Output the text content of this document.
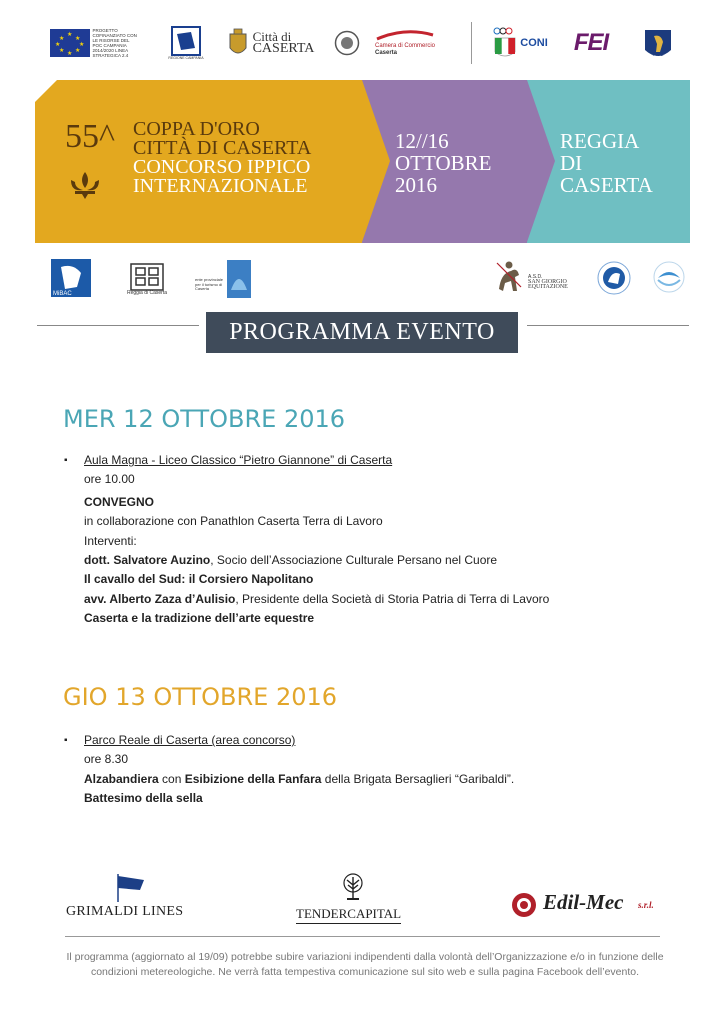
★
★ ★
★	★
★ ★
★
PROGETTO COFINANZIATO CON LE RISORSE DEL POC CAMPANIA 2014/2020 LINEA STRATEGICA 2.4	REGIONE CAMPANIA
Città di
CASERTA	Camera di Commercio
Caserta
CONI FEI	FISE
55^ COPPA D'ORO
CITTÀ DI CASERTA
CONCORSO IPPICO
INTERNAZIONALE
12//16
OTTOBRE
2016
REGGIA
DI
CASERTA
MiBAC	Reggia di Caserta
ente provinciale per il turismo di Caserta
A.S.D.
SAN GIORGIO
EQUITAZIONE
PROGRAMMA EVENTO
MER 12 OTTOBRE 2016
▪ Aula Magna - Liceo Classico “Pietro Giannone” di Caserta
ore 10.00
CONVEGNO
in collaborazione con Panathlon Caserta Terra di Lavoro
Interventi:
dott. Salvatore Auzino, Socio dell’Associazione Culturale Persano nel Cuore
Il cavallo del Sud: il Corsiero Napolitano
avv. Alberto Zaza d’Aulisio, Presidente della Società di Storia Patria di Terra di Lavoro
Caserta e la tradizione dell’arte equestre
GIO 13 OTTOBRE 2016
▪ Parco Reale di Caserta (area concorso)
ore 8.30
Alzabandiera con Esibizione della Fanfara della Brigata Bersaglieri “Garibaldi”.
Battesimo della sella
GRIMALDI LINES	TENDERCAPITAL	Edil-Mec s.r.l.
Il programma (aggiornato al 19/09) potrebbe subire variazioni indipendenti dalla volontà dell’Organizzazione e/o in funzione delle condizioni metereologiche. Ne verrà fatta tempestiva comunicazione sul sito web e sulla pagina Facebook dell’evento.
